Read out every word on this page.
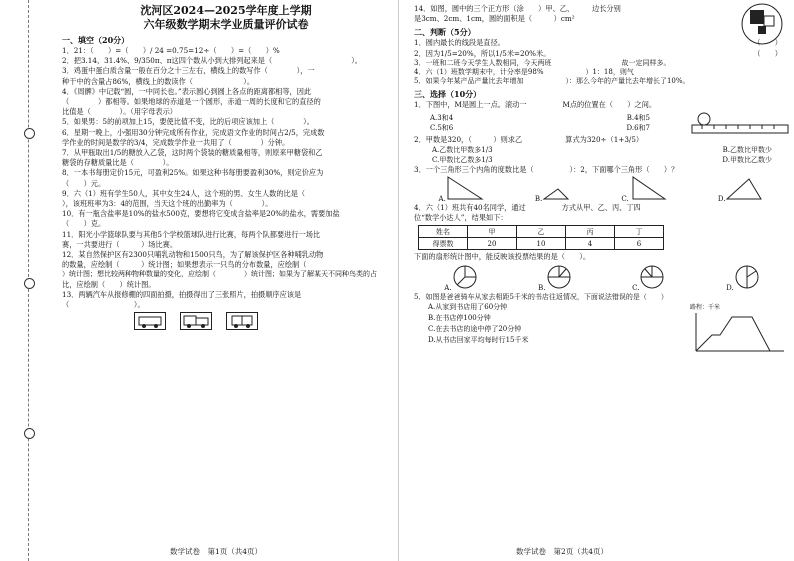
沈河区2024—2025学年度上学期
六年级数学期末学业质量评价试卷
一、填空（20分）
1．21：（　　）=（　　）/ 24 =0.75=12÷（　　）=（　　）%
2．把3.14、31.4%、9/350π、π这四个数从小到大排列起来是（　　　　　　　　　　　）。
3．鸡蛋中蛋白质含量一般在百分之十三左右，横线上的数写作（　　　　），一
种干中的含量占86%，横线上的数读作（　　　　　　　）。
4．《周髀》中记载“圆，一中同长也。”表示圆心到圆上各点的距离都相等，因此
（　　　　）都相等。如果地球的赤道是一个圆形，赤道一周的长度和它的直径的
比值是（　　　　）。（用字母表示）
5．如果男：5的前项加上15，要使比值不变，比的后项应该加上（　　　　）。
6．星期一晚上，小强用30分钟完成所有作业，完成语文作业的时间占2/5，完成数
学作业的时间是数学的3/4，完成数学作业一共用了（　　　　）分钟。
7．从甲瓶取出1/5的糖放入乙袋，这时两个袋装的糖质量相等，则原来甲糖袋和乙
糖袋的存糖质量比是（　　　　）。
8．一本书每册定价15元，可盈利25%。如果这种书每册要盈利30%，则定价应为
（　　）元。
9．六（1）班有学生50人，其中女生24人，这个班的男、女生人数的比是（　　　　
），该班班率为3：4的范围，当天这个班的出勤率为（　　　　）。
10．有一瓶含盐率是10%的盐水500克，要想将它变成含盐率是20%的盐水，需要加盐
（　　）克。
11．阳光小学篮球队要与其他5个学校篮球队进行比赛，每两个队都要进行一场比
赛，一共要进行（　　　）场比赛。
12．某自然保护区有2300只哺乳动物和1500只鸟，为了解该保护区各种哺乳动物
的数量，应绘制（　　　）统计图；如果想表示一只鸟的分布数量，应绘制（　　　
）统计图；想比较两种物种数量的变化，应绘制（　　　　）统计图；如果为了解某天不同种鸟类的占
比，应绘制（　　）统计图。
13．两辆汽车从报修棚的四面拍摄，拍摄得出了三张照片，拍摄顺序应该是
（　　　　　　　　　）。
数学试卷　第1页（共4页）
14．如图，圆中的三个正方形（涂　　）甲、乙、　　　边长分别
是3cm、2cm、1cm，圆的面积是（　　　）cm²
二、判断（5分）
1．圆内最长的线段是直径。	（　　）
2．因为1/5=20%，所以1/5米=20%米。	（　　）
3．一班和二班今天学生人数相同，今天两班　　　　　　　　　　故一定同样多。
4．六（1）班数学期末中，计分率是98%　　　　　　）1：18，则气
5．如果今年某产品产量比去年增加　　　　　　）：那么今年的产量比去年增长了10%。
三、选择（10分）
1．下图中，M是圆上一点。滚动一　　　　　M点的位置在（　　）之间。
A.3和4	B.4和5
C.5和6	D.6和7
2．甲数是320，（　　　）则求乙　　　　　　算式为320÷（1+3/5）
A.乙数比甲数多1/3	B.乙数比甲数少
C.甲数比乙数多1/3	D.甲数比乙数少
3．一个三角形三个内角的度数比是（　　　　　）：2，下面哪个三角形（　　）？
A.	B.	C.	D.
4．六（1）班共有40名同学，通过　　　　　方式从甲、乙、丙、丁四
位“数学小达人”，结果如下：
姓名	甲	乙	丙	丁
得票数	20	10	4	6
下面的扇形统计图中，能反映该投票结果的是（　　）。
A.	B.	C.	D.
5．如图是爸爸骑车从家去相距5千米的书店往返情况，下面说法错误的是（　　）
A.从家到书店用了60分钟
B.在书店停100分钟
C.在去书店的途中停了20分钟
D.从书店回家平均每时行15千米
路程：千米
数学试卷　第2页（共4页）
